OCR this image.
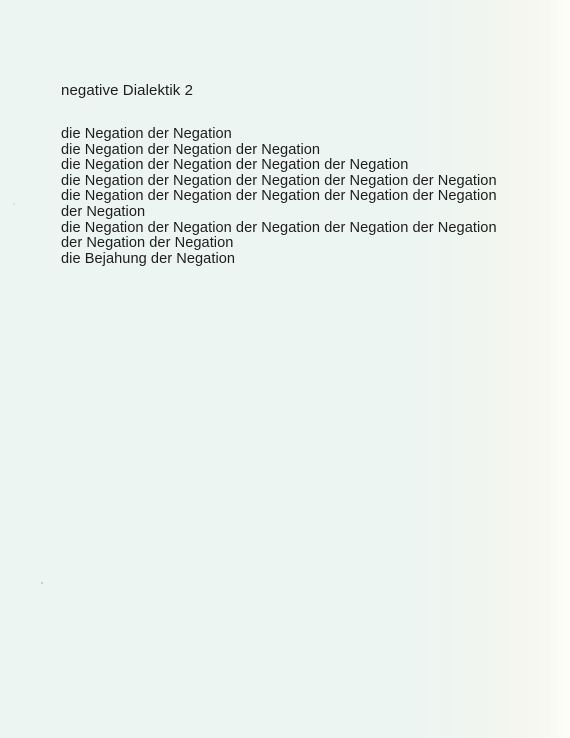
negative Dialektik 2
die Negation der Negation
die Negation der Negation der Negation
die Negation der Negation der Negation der Negation
die Negation der Negation der Negation der Negation der Negation
die Negation der Negation der Negation der Negation der Negation
der Negation
die Negation der Negation der Negation der Negation der Negation
der Negation der Negation
die Bejahung der Negation
